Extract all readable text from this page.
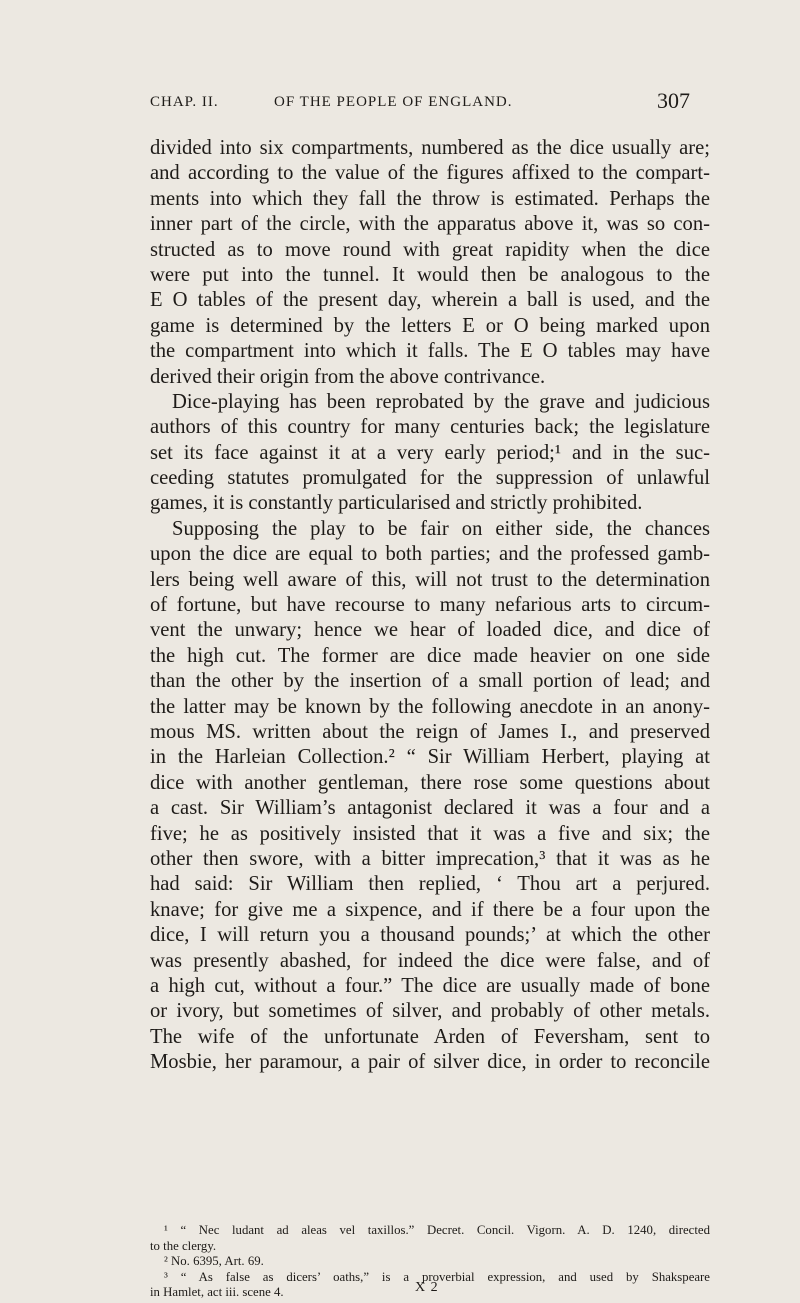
CHAP. II.	OF THE PEOPLE OF ENGLAND.	307
divided into six compartments, numbered as the dice usually are;
and according to the value of the figures affixed to the compart-
ments into which they fall the throw is estimated. Perhaps the
inner part of the circle, with the apparatus above it, was so con-
structed as to move round with great rapidity when the dice
were put into the tunnel. It would then be analogous to the
E O tables of the present day, wherein a ball is used, and the
game is determined by the letters E or O being marked upon
the compartment into which it falls. The E O tables may have
derived their origin from the above contrivance.
Dice-playing has been reprobated by the grave and judicious
authors of this country for many centuries back; the legislature
set its face against it at a very early period;¹ and in the suc-
ceeding statutes promulgated for the suppression of unlawful
games, it is constantly particularised and strictly prohibited.
Supposing the play to be fair on either side, the chances
upon the dice are equal to both parties; and the professed gamb-
lers being well aware of this, will not trust to the determination
of fortune, but have recourse to many nefarious arts to circum-
vent the unwary; hence we hear of loaded dice, and dice of
the high cut. The former are dice made heavier on one side
than the other by the insertion of a small portion of lead; and
the latter may be known by the following anecdote in an anony-
mous MS. written about the reign of James I., and preserved
in the Harleian Collection.² “ Sir William Herbert, playing at
dice with another gentleman, there rose some questions about
a cast. Sir William’s antagonist declared it was a four and a
five; he as positively insisted that it was a five and six; the
other then swore, with a bitter imprecation,³ that it was as he
had said: Sir William then replied, ‘ Thou art a perjured.
knave; for give me a sixpence, and if there be a four upon the
dice, I will return you a thousand pounds;’ at which the other
was presently abashed, for indeed the dice were false, and of
a high cut, without a four.” The dice are usually made of bone
or ivory, but sometimes of silver, and probably of other metals.
The wife of the unfortunate Arden of Feversham, sent to
Mosbie, her paramour, a pair of silver dice, in order to reconcile
¹ “ Nec ludant ad aleas vel taxillos.” Decret. Concil. Vigorn. A. D. 1240, directed
to the clergy.
² No. 6395, Art. 69.
³ “ As false as dicers’ oaths,” is a proverbial expression, and used by Shakspeare
in Hamlet, act iii. scene 4.	X 2
